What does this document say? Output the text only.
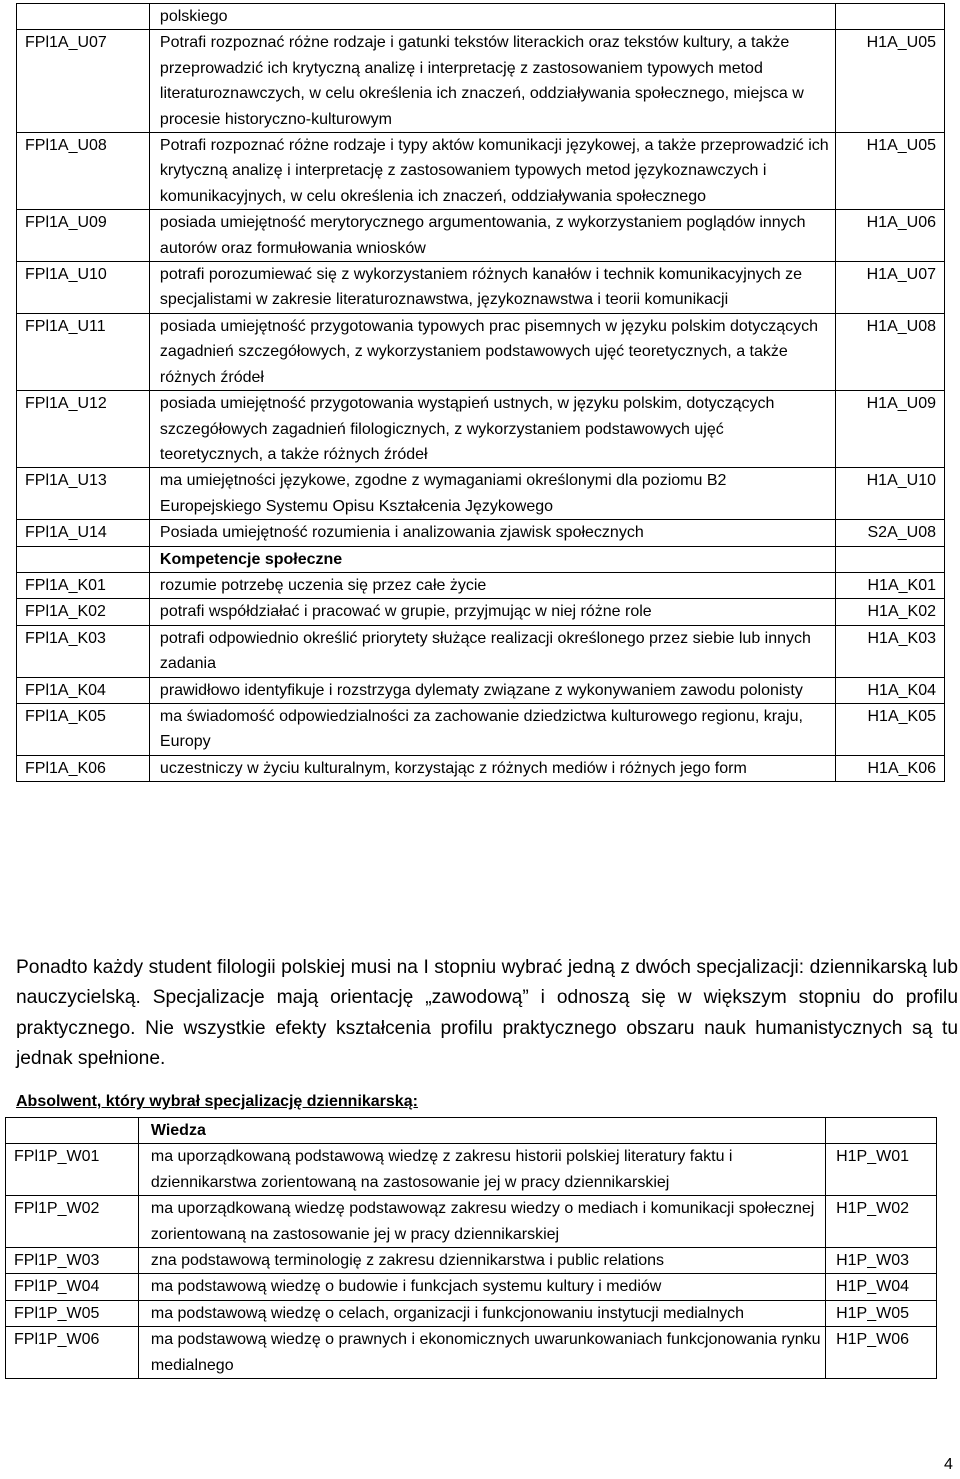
	polskiego	
FPl1A_U07	Potrafi rozpoznać różne rodzaje i gatunki tekstów literackich oraz tekstów kultury, a także przeprowadzić ich krytyczną analizę i interpretację z zastosowaniem typowych metod literaturoznawczych, w celu określenia ich znaczeń, oddziaływania społecznego, miejsca w procesie historyczno-kulturowym	H1A_U05
FPl1A_U08	Potrafi rozpoznać różne rodzaje i typy aktów komunikacji językowej, a także przeprowadzić ich krytyczną analizę i interpretację z zastosowaniem typowych metod językoznawczych i komunikacyjnych, w celu określenia ich znaczeń, oddziaływania społecznego	H1A_U05
FPl1A_U09	posiada umiejętność merytorycznego argumentowania, z wykorzystaniem poglądów innych autorów oraz formułowania wniosków	H1A_U06
FPl1A_U10	potrafi porozumiewać się z wykorzystaniem różnych kanałów i technik komunikacyjnych ze specjalistami w zakresie literaturoznawstwa, językoznawstwa i teorii komunikacji	H1A_U07
FPl1A_U11	posiada umiejętność przygotowania typowych prac pisemnych w języku polskim dotyczących zagadnień szczegółowych, z wykorzystaniem podstawowych ujęć teoretycznych, a także różnych źródeł	H1A_U08
FPl1A_U12	posiada umiejętność przygotowania wystąpień ustnych, w języku polskim, dotyczących szczegółowych zagadnień filologicznych, z wykorzystaniem podstawowych ujęć teoretycznych, a także różnych źródeł	H1A_U09
FPl1A_U13	ma umiejętności językowe, zgodne z wymaganiami określonymi dla poziomu B2 Europejskiego Systemu Opisu Kształcenia Językowego	H1A_U10
FPl1A_U14	Posiada umiejętność rozumienia i analizowania zjawisk społecznych	S2A_U08
	Kompetencje społeczne	
FPl1A_K01	rozumie potrzebę uczenia się przez całe życie	H1A_K01
FPl1A_K02	potrafi współdziałać i pracować w grupie, przyjmując w niej różne role	H1A_K02
FPl1A_K03	potrafi odpowiednio określić priorytety służące realizacji określonego przez siebie lub innych zadania	H1A_K03
FPl1A_K04	prawidłowo identyfikuje i rozstrzyga dylematy związane z wykonywaniem zawodu polonisty	H1A_K04
FPl1A_K05	ma świadomość odpowiedzialności za zachowanie dziedzictwa kulturowego regionu, kraju, Europy	H1A_K05
FPl1A_K06	uczestniczy w życiu kulturalnym, korzystając z różnych mediów i różnych jego form	H1A_K06

Ponadto każdy student filologii polskiej musi na I stopniu wybrać jedną z dwóch specjalizacji: dziennikarską lub nauczycielską. Specjalizacje mają orientację „zawodową” i odnoszą się w większym stopniu do profilu praktycznego. Nie wszystkie efekty kształcenia profilu praktycznego obszaru nauk humanistycznych są tu jednak spełnione.

Absolwent, który wybrał specjalizację dziennikarską:

	Wiedza	
FPl1P_W01	ma uporządkowaną podstawową wiedzę z zakresu historii polskiej literatury faktu i dziennikarstwa zorientowaną na zastosowanie jej w pracy dziennikarskiej	H1P_W01
FPl1P_W02	ma uporządkowaną wiedzę podstawowąz zakresu wiedzy o mediach i komunikacji społecznej zorientowaną na zastosowanie jej w pracy dziennikarskiej	H1P_W02
FPl1P_W03	zna podstawową terminologię z zakresu dziennikarstwa i public relations	H1P_W03
FPl1P_W04	ma podstawową wiedzę o budowie i funkcjach systemu kultury i mediów	H1P_W04
FPl1P_W05	ma podstawową wiedzę o celach, organizacji i funkcjonowaniu instytucji medialnych	H1P_W05
FPl1P_W06	ma podstawową wiedzę o prawnych i ekonomicznych uwarunkowaniach funkcjonowania rynku medialnego	H1P_W06
4
